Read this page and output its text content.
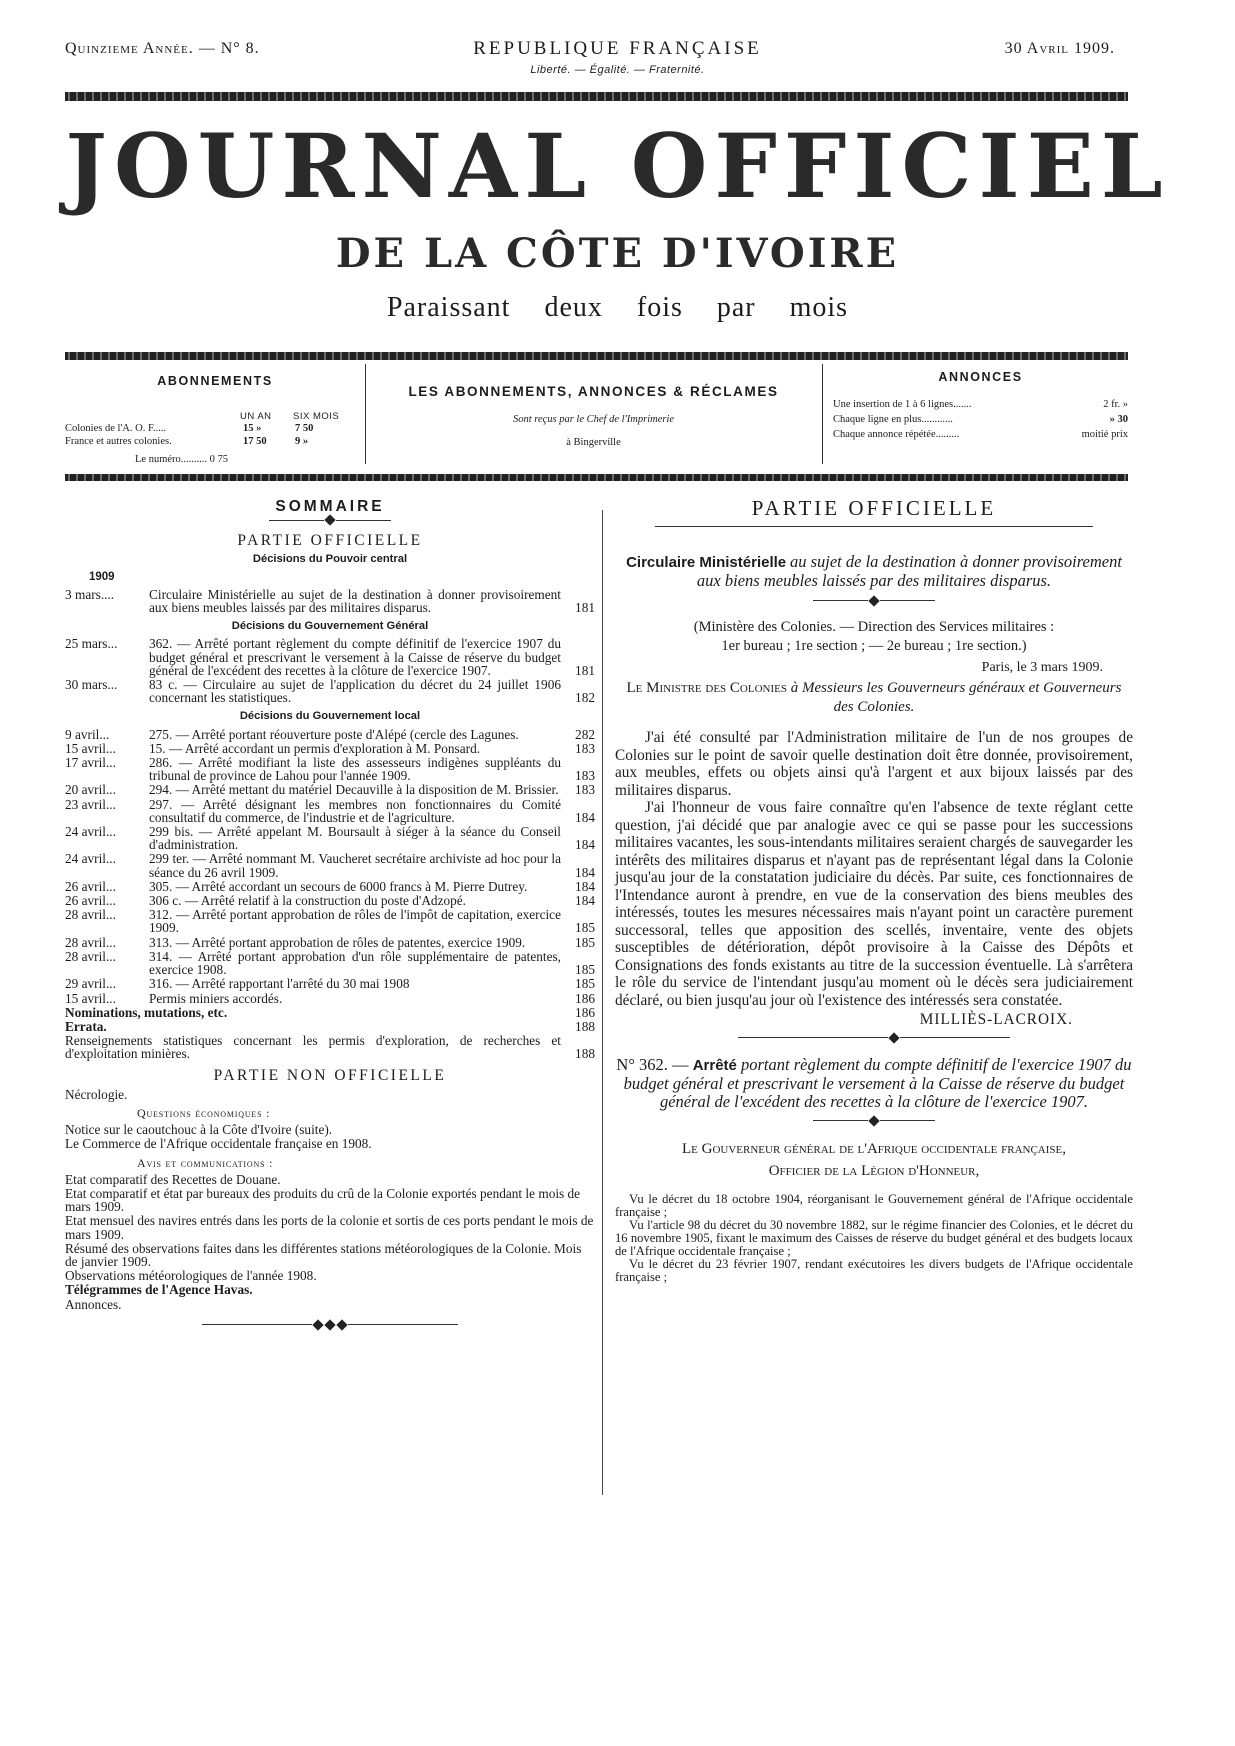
Quinzieme Année. — N° 8.	REPUBLIQUE FRANÇAISE
Liberté. — Égalité. — Fraternité.
30 Avril 1909.
JOURNAL OFFICIEL
DE LA CÔTE D'IVOIRE
Paraissant deux fois par mois
ABONNEMENTS
UN AN SIX MOIS
Colonies de l'A. O. F.....	15 »	7 50
France et autres colonies.	17 50	9 »
Le numéro.......... 0 75
LES ABONNEMENTS, ANNONCES & RÉCLAMES
Sont reçus par le Chef de l'Imprimerie
à Bingerville
ANNONCES
Une insertion de 1 à 6 lignes.......	2 fr. »
Chaque ligne en plus............	» 30
Chaque annonce répétée.........	moitié prix
SOMMAIRE
PARTIE OFFICIELLE
Décisions du Pouvoir central
1909
3 mars....	Circulaire Ministérielle au sujet de la destination à donner provisoirement aux biens meubles laissés par des militaires disparus.	181
Décisions du Gouvernement Général
25 mars...	362. — Arrêté portant règlement du compte définitif de l'exercice 1907 du budget général et prescrivant le versement à la Caisse de réserve du budget général de l'excédent des recettes à la clôture de l'exercice 1907.	181
30 mars...	83 c. — Circulaire au sujet de l'application du décret du 24 juillet 1906 concernant les statistiques.	182
Décisions du Gouvernement local
9 avril...	275. — Arrêté portant réouverture poste d'Alépé (cercle des Lagunes.	282
15 avril...	15. — Arrêté accordant un permis d'exploration à M. Ponsard.	183
17 avril...	286. — Arrêté modifiant la liste des assesseurs indigènes suppléants du tribunal de province de Lahou pour l'année 1909.	183
20 avril...	294. — Arrêté mettant du matériel Decauville à la disposition de M. Brissier.	183
23 avril...	297. — Arrêté désignant les membres non fonctionnaires du Comité consultatif du commerce, de l'industrie et de l'agriculture.	184
24 avril...	299 bis. — Arrêté appelant M. Boursault à siéger à la séance du Conseil d'administration.	184
24 avril...	299 ter. — Arrêté nommant M. Vaucheret secrétaire archiviste ad hoc pour la séance du 26 avril 1909.	184
26 avril...	305. — Arrêté accordant un secours de 6000 francs à M. Pierre Dutrey.	184
26 avril...	306 c. — Arrêté relatif à la construction du poste d'Adzopé.	184
28 avril...	312. — Arrêté portant approbation de rôles de l'impôt de capitation, exercice 1909.	185
28 avril...	313. — Arrêté portant approbation de rôles de patentes, exercice 1909.	185
28 avril...	314. — Arrêté portant approbation d'un rôle supplémentaire de patentes, exercice 1908.	185
29 avril...	316. — Arrêté rapportant l'arrêté du 30 mai 1908	185
15 avril...	Permis miniers accordés.	186
Nominations, mutations, etc.	186
Errata.	188
Renseignements statistiques concernant les permis d'exploration, de recherches et d'exploitation minières.	188
PARTIE NON OFFICIELLE
Nécrologie.
Questions économiques :
Notice sur le caoutchouc à la Côte d'Ivoire (suite).
Le Commerce de l'Afrique occidentale française en 1908.
Avis et communications :
Etat comparatif des Recettes de Douane.
Etat comparatif et état par bureaux des produits du crû de la Colonie exportés pendant le mois de mars 1909.
Etat mensuel des navires entrés dans les ports de la colonie et sortis de ces ports pendant le mois de mars 1909.
Résumé des observations faites dans les différentes stations météorologiques de la Colonie. Mois de janvier 1909.
Observations météorologiques de l'année 1908.
Télégrammes de l'Agence Havas.
Annonces.
PARTIE OFFICIELLE
Circulaire Ministérielle au sujet de la destination à donner provisoirement aux biens meubles laissés par des militaires disparus.
(Ministère des Colonies. — Direction des Services militaires :
1er bureau ; 1re section ; — 2e bureau ; 1re section.)
Paris, le 3 mars 1909.
Le Ministre des Colonies à Messieurs les Gouverneurs généraux et Gouverneurs des Colonies.

J'ai été consulté par l'Administration militaire de l'un de nos groupes de Colonies sur le point de savoir quelle destination doit être donnée, provisoirement, aux meubles, effets ou objets ainsi qu'à l'argent et aux bijoux laissés par des militaires disparus.

J'ai l'honneur de vous faire connaître qu'en l'absence de texte réglant cette question, j'ai décidé que par analogie avec ce qui se passe pour les successions militaires vacantes, les sous-intendants militaires seraient chargés de sauvegarder les intérêts des militaires disparus et n'ayant pas de représentant légal dans la Colonie jusqu'au jour de la constatation judiciaire du décès. Par suite, ces fonctionnaires de l'Intendance auront à prendre, en vue de la conservation des biens meubles des intéressés, toutes les mesures nécessaires mais n'ayant point un caractère purement successoral, telles que apposition des scellés, inventaire, vente des objets susceptibles de détérioration, dépôt provisoire à la Caisse des Dépôts et Consignations des fonds existants au titre de la succession éventuelle. Là s'arrêtera le rôle du service de l'intendant jusqu'au moment où le décès sera judiciairement déclaré, ou bien jusqu'au jour où l'existence des intéressés sera constatée.

MILLIÈS-LACROIX.
N° 362. — Arrêté portant règlement du compte définitif de l'exercice 1907 du budget général et prescrivant le versement à la Caisse de réserve du budget général de l'excédent des recettes à la clôture de l'exercice 1907.
Le Gouverneur général de l'Afrique occidentale française,
Officier de la Légion d'Honneur,

Vu le décret du 18 octobre 1904, réorganisant le Gouvernement général de l'Afrique occidentale française ;

Vu l'article 98 du décret du 30 novembre 1882, sur le régime financier des Colonies, et le décret du 16 novembre 1905, fixant le maximum des Caisses de réserve du budget général et des budgets locaux de l'Afrique occidentale française ;

Vu le décret du 23 février 1907, rendant exécutoires les divers budgets de l'Afrique occidentale française ;
